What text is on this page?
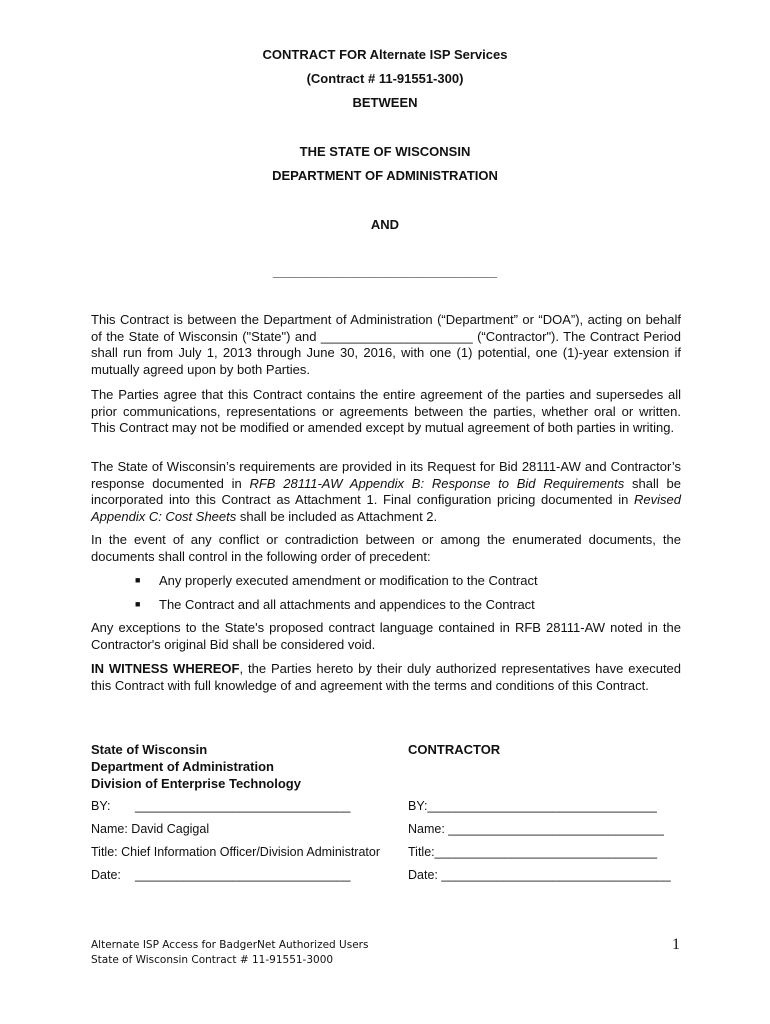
CONTRACT FOR Alternate ISP Services
(Contract # 11-91551-300)
BETWEEN
THE STATE OF WISCONSIN
DEPARTMENT OF ADMINISTRATION
AND
_______________________________

This Contract is between the Department of Administration (“Department” or “DOA”), acting on behalf of the State of Wisconsin ("State") and _____________________ (“Contractor"). The Contract Period shall run from July 1, 2013 through June 30, 2016, with one (1) potential, one (1)-year extension if mutually agreed upon by both Parties.

The Parties agree that this Contract contains the entire agreement of the parties and supersedes all prior communications, representations or agreements between the parties, whether oral or written. This Contract may not be modified or amended except by mutual agreement of both parties in writing.

The State of Wisconsin’s requirements are provided in its Request for Bid 28111-AW and Contractor’s response documented in RFB 28111-AW Appendix B: Response to Bid Requirements shall be incorporated into this Contract as Attachment 1. Final configuration pricing documented in Revised Appendix C: Cost Sheets shall be included as Attachment 2.

In the event of any conflict or contradiction between or among the enumerated documents, the documents shall control in the following order of precedent:

■ Any properly executed amendment or modification to the Contract
■ The Contract and all attachments and appendices to the Contract

Any exceptions to the State's proposed contract language contained in RFB 28111-AW noted in the Contractor's original Bid shall be considered void.

IN WITNESS WHEREOF, the Parties hereto by their duly authorized representatives have executed this Contract with full knowledge of and agreement with the terms and conditions of this Contract.

State of Wisconsin
Department of Administration
Division of Enterprise Technology
CONTRACTOR
BY: _______________________________
Name: David Cagigal
Title: Chief Information Officer/Division Administrator
Date: _______________________________
BY:_________________________________
Name: _______________________________
Title:________________________________
Date: _________________________________
Alternate ISP Access for BadgerNet Authorized Users
State of Wisconsin Contract # 11-91551-3000
1
